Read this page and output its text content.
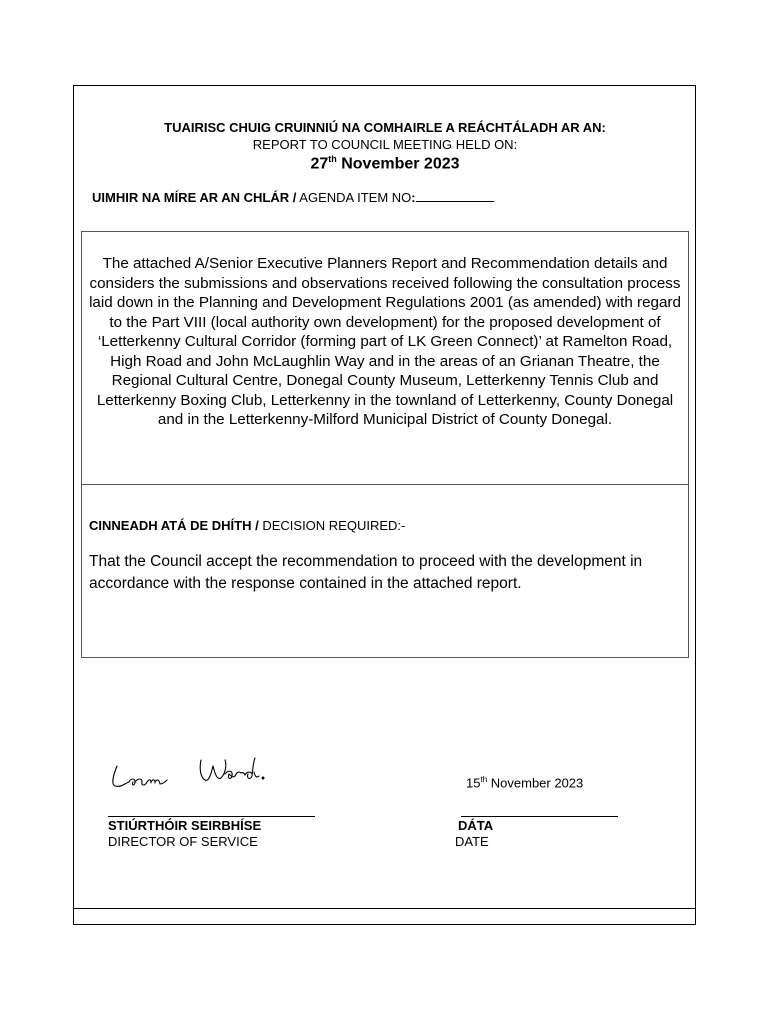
TUAIRISC CHUIG CRUINNIÚ NA COMHAIRLE A REÁCHTÁLADH AR AN:
REPORT TO COUNCIL MEETING HELD ON:
27th November 2023
UIMHIR NA MÍRE AR AN CHLÁR / AGENDA ITEM NO:
The attached A/Senior Executive Planners Report and Recommendation details and considers the submissions and observations received following the consultation process laid down in the Planning and Development Regulations 2001 (as amended) with regard to the Part VIII (local authority own development) for the proposed development of ‘Letterkenny Cultural Corridor (forming part of LK Green Connect)’ at Ramelton Road, High Road and John McLaughlin Way and in the areas of an Grianan Theatre, the Regional Cultural Centre, Donegal County Museum, Letterkenny Tennis Club and Letterkenny Boxing Club, Letterkenny in the townland of Letterkenny, County Donegal and in the Letterkenny-Milford Municipal District of County Donegal.
CINNEADH ATÁ DE DHÍTH / DECISION REQUIRED:-
That the Council accept the recommendation to proceed with the development in accordance with the response contained in the attached report.
15th November 2023
STIÚRTHÓIR SEIRBHÍSE
DIRECTOR OF SERVICE
DÁTA
DATE
